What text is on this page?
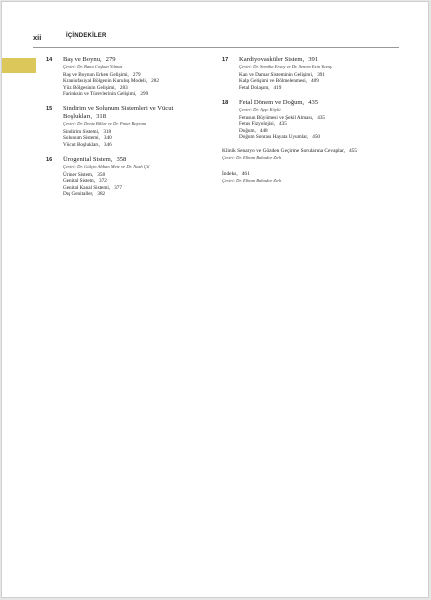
xii	İÇİNDEKİLER
14 Baş ve Boynu, 279
Çeviri: Dr. Banu Coşkun Yılmaz
Baş ve Boynun Erken Gelişimi, 279
Kraniofasiyal Bölgenin Kuruluş Modeli, 282
Yüz Bölgesinin Gelişimi, 283
Farinksin ve Türevlerinin Gelişimi, 299
15 Sindirim ve Solunum Sistemleri ve Vücut Boşlukları, 318
Çeviri: Dr. Deniz Billur ve Dr. Pınar Bayram
Sindirim Sistemi, 318
Solunum Sistemi, 340
Vücut Boşlukları, 346
16 Ürogenital Sistem, 358
Çeviri: Dr. Gülçin Abban Mete ve Dr. Nazh Çil
Üriner Sistem, 358
Genital Sistem, 372
Genital Kanal Sistemi, 377
Dış Genitaller, 382
17 Kardiyovasküler Sistem, 391
Çeviri: Dr. Semiha Ersoy ve Dr. Senem Esin Yavaş
Kan ve Damar Sisteminin Gelişimi, 391
Kalp Gelişimi ve Bölmelenmesi, 409
Fetal Dolaşım, 419
18 Fetal Dönem ve Doğum, 435
Çeviri: Dr. Ayşe Köylü
Fetusun Büyümesi ve Şekil Alması, 435
Fetus Fizyolojisi, 435
Doğum, 448
Doğum Sonrası Hayata Uyumlar, 450
Klinik Senaryo ve Gözden Geçirme Sorularına Cevaplar, 455
Çeviri: Dr. Elham Bahador Zırh
İndeks, 461
Çeviri: Dr. Elham Bahador Zırh
